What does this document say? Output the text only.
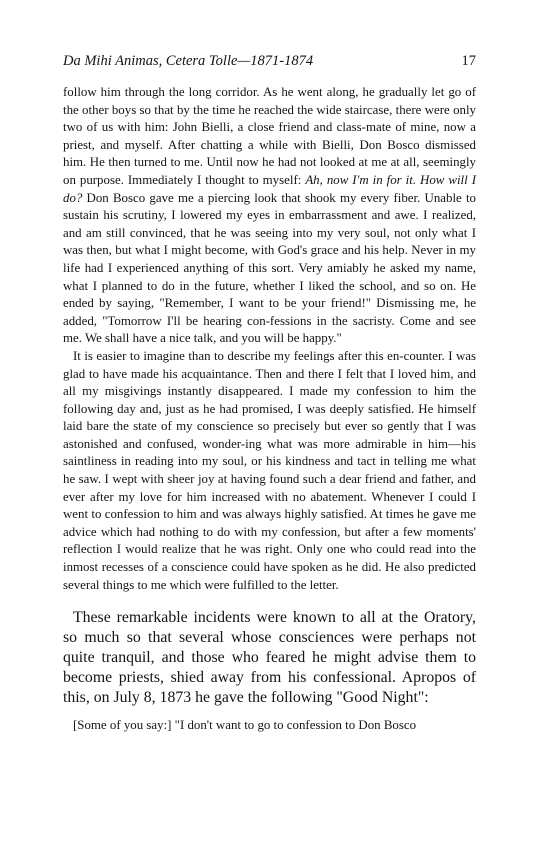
Da Mihi Animas, Cetera Tolle—1871-1874	17

follow him through the long corridor. As he went along, he gradually let go of the other boys so that by the time he reached the wide staircase, there were only two of us with him: John Bielli, a close friend and class-mate of mine, now a priest, and myself. After chatting a while with Bielli, Don Bosco dismissed him. He then turned to me. Until now he had not looked at me at all, seemingly on purpose. Immediately I thought to myself: Ah, now I'm in for it. How will I do? Don Bosco gave me a piercing look that shook my every fiber. Unable to sustain his scrutiny, I lowered my eyes in embarrassment and awe. I realized, and am still convinced, that he was seeing into my very soul, not only what I was then, but what I might become, with God's grace and his help. Never in my life had I experienced anything of this sort. Very amiably he asked my name, what I planned to do in the future, whether I liked the school, and so on. He ended by saying, "Remember, I want to be your friend!" Dismissing me, he added, "Tomorrow I'll be hearing con-fessions in the sacristy. Come and see me. We shall have a nice talk, and you will be happy."

It is easier to imagine than to describe my feelings after this en-counter. I was glad to have made his acquaintance. Then and there I felt that I loved him, and all my misgivings instantly disappeared. I made my confession to him the following day and, just as he had promised, I was deeply satisfied. He himself laid bare the state of my conscience so precisely but ever so gently that I was astonished and confused, wonder-ing what was more admirable in him—his saintliness in reading into my soul, or his kindness and tact in telling me what he saw. I wept with sheer joy at having found such a dear friend and father, and ever after my love for him increased with no abatement. Whenever I could I went to confession to him and was always highly satisfied. At times he gave me advice which had nothing to do with my confession, but after a few moments' reflection I would realize that he was right. Only one who could read into the inmost recesses of a conscience could have spoken as he did. He also predicted several things to me which were fulfilled to the letter.

These remarkable incidents were known to all at the Oratory, so much so that several whose consciences were perhaps not quite tranquil, and those who feared he might advise them to become priests, shied away from his confessional. Apropos of this, on July 8, 1873 he gave the following "Good Night":

[Some of you say:] "I don't want to go to confession to Don Bosco
